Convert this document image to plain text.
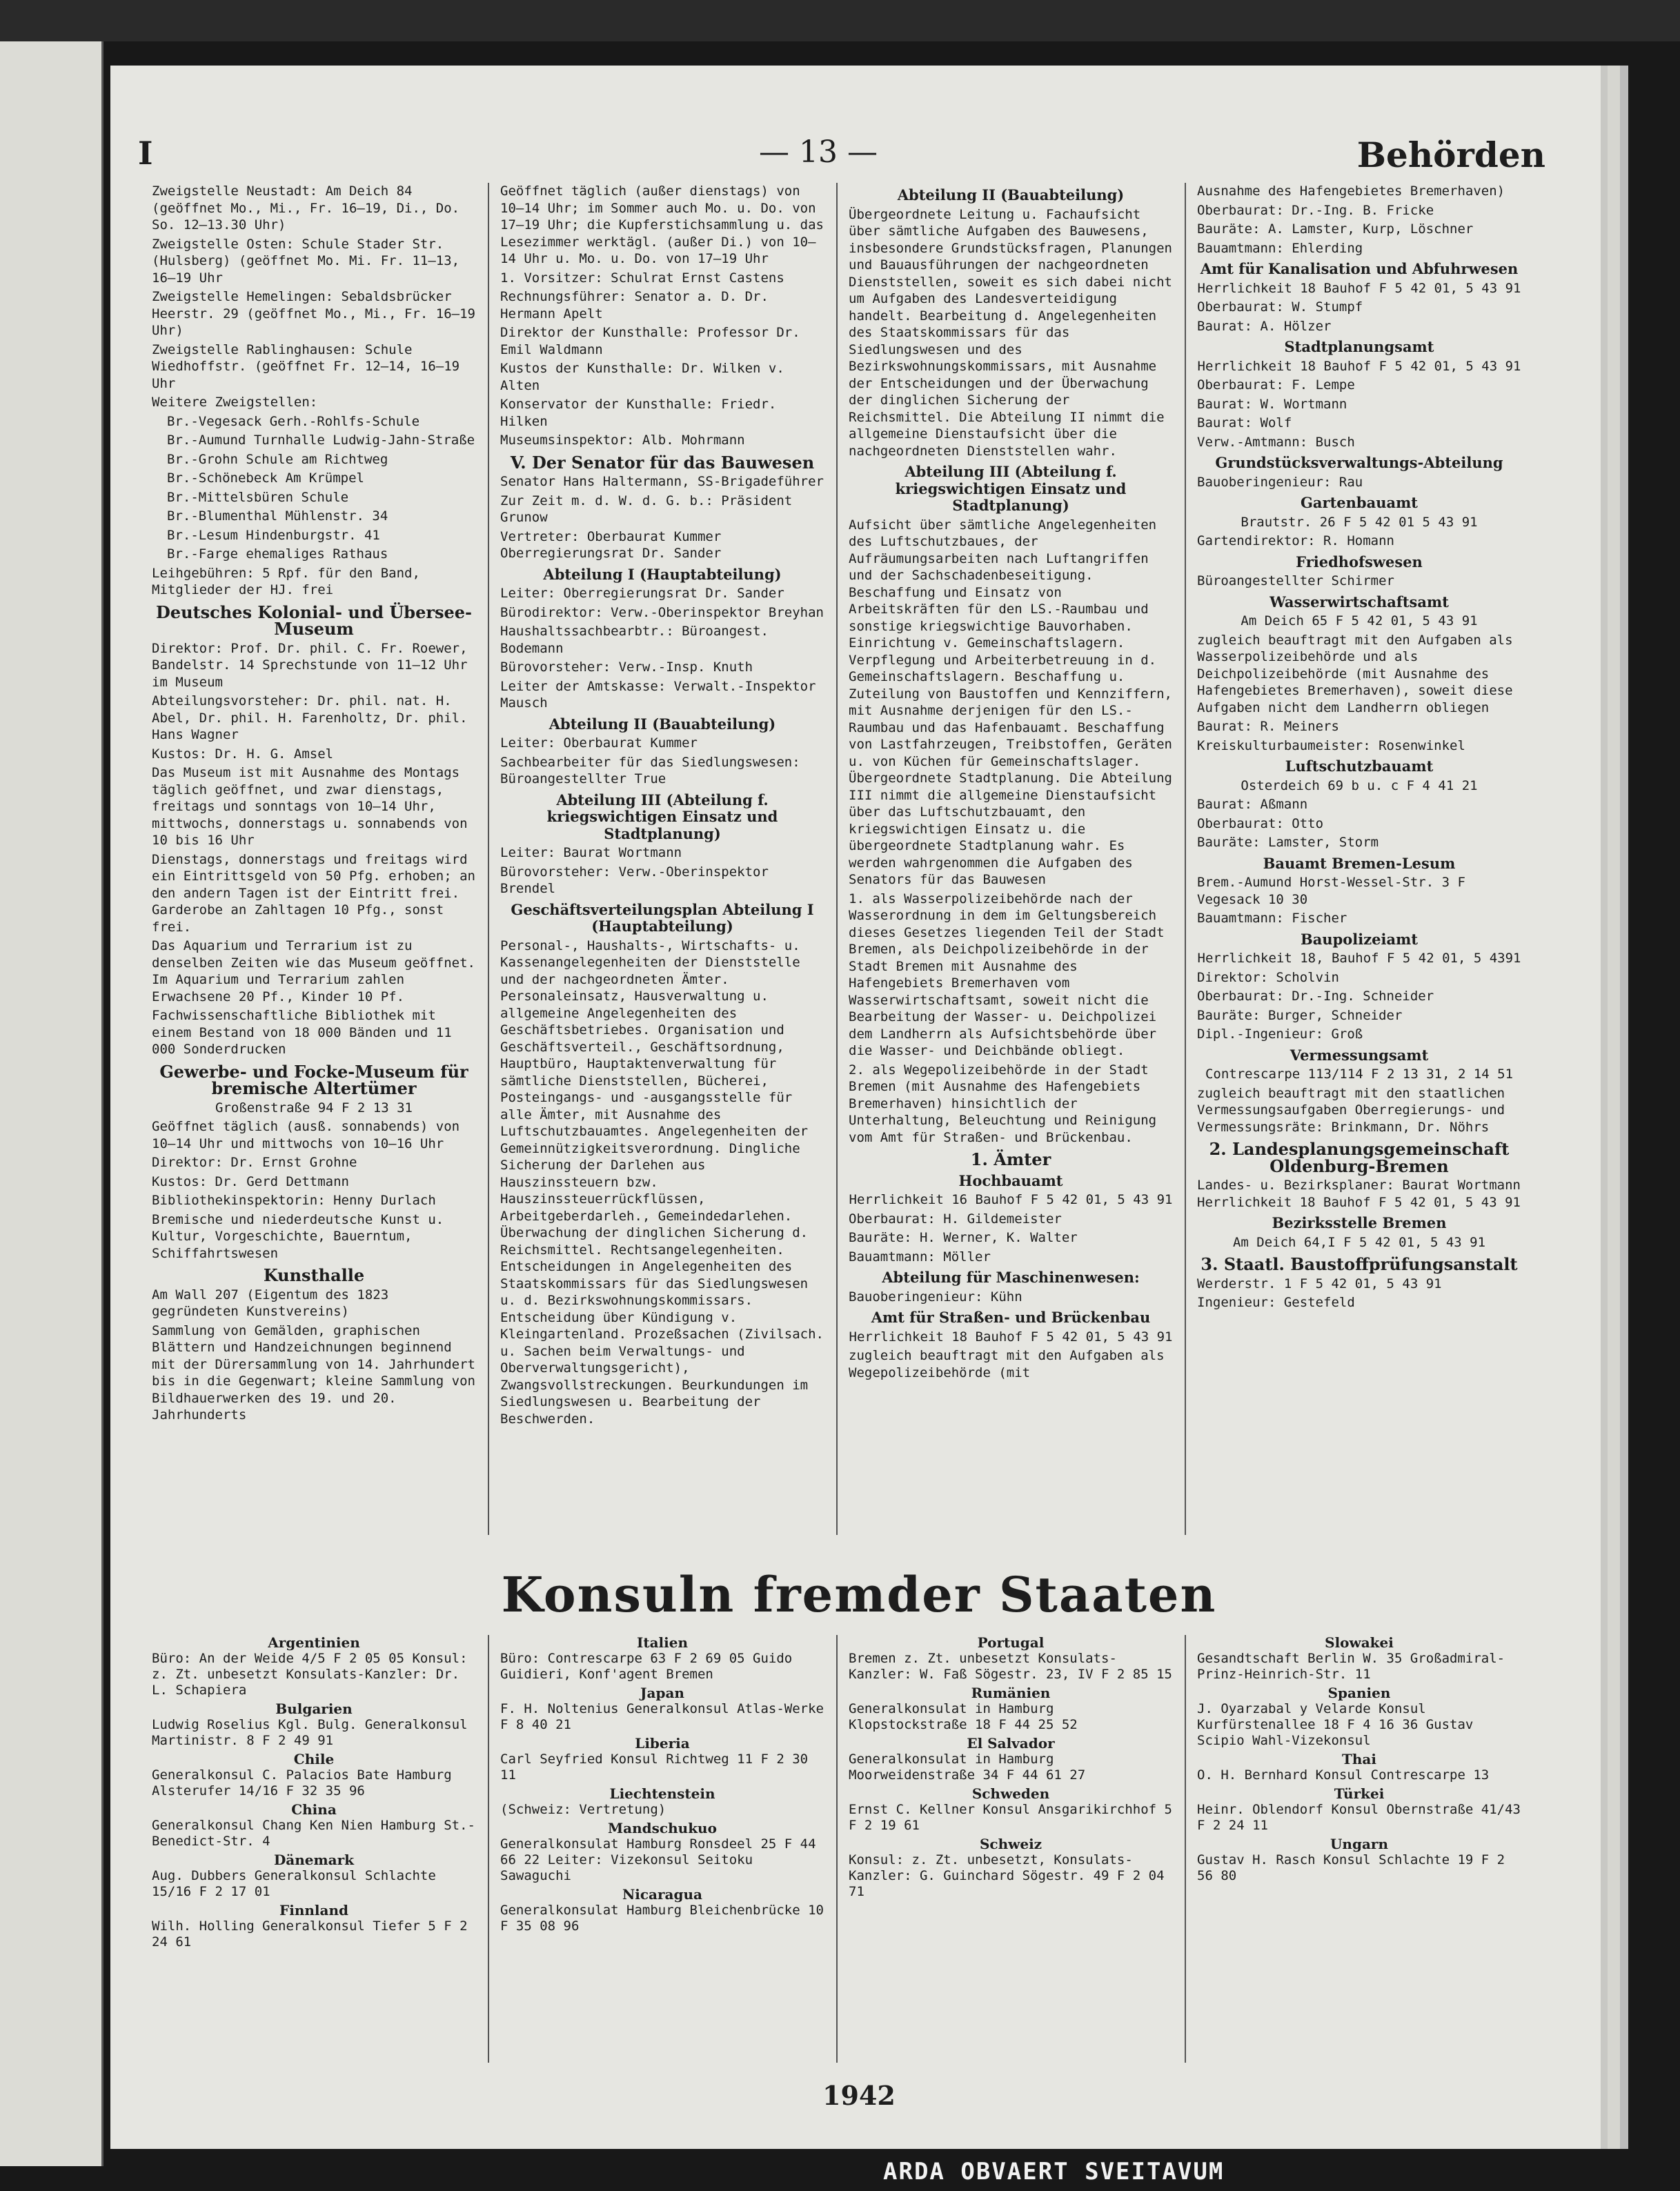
I	— 13 —	Behörden
Zweigstelle Neustadt: Am Deich 84 (geöffnet Mo., Mi., Fr. 16–19, Di., Do. So. 12–13.30 Uhr)
Zweigstelle Osten: Schule Stader Str. (Hulsberg) (geöffnet Mo. Mi. Fr. 11–13, 16–19 Uhr
Zweigstelle Hemelingen: Sebaldsbrücker Heerstr. 29 (geöffnet Mo., Mi., Fr. 16–19 Uhr)
Zweigstelle Rablinghausen: Schule Wiedhoffstr. (geöffnet Fr. 12–14, 16–19 Uhr
Weitere Zweigstellen:
Br.-Vegesack Gerh.-Rohlfs-Schule
Br.-Aumund Turnhalle Ludwig-Jahn-Straße
Br.-Grohn Schule am Richtweg
Br.-Schönebeck Am Krümpel
Br.-Mittelsbüren Schule
Br.-Blumenthal Mühlenstr. 34
Br.-Lesum Hindenburgstr. 41
Br.-Farge ehemaliges Rathaus
Leihgebühren: 5 Rpf. für den Band, Mitglieder der HJ. frei
Deutsches Kolonial- und Übersee-Museum
Direktor: Prof. Dr. phil. C. Fr. Roewer, Bandelstr. 14 Sprechstunde von 11–12 Uhr im Museum
Abteilungsvorsteher: Dr. phil. nat. H. Abel, Dr. phil. H. Farenholtz, Dr. phil. Hans Wagner
Kustos: Dr. H. G. Amsel
Das Museum ist mit Ausnahme des Montags täglich geöffnet, und zwar dienstags, freitags und sonntags von 10–14 Uhr, mittwochs, donnerstags u. sonnabends von 10 bis 16 Uhr
Dienstags, donnerstags und freitags wird ein Eintrittsgeld von 50 Pfg. erhoben; an den andern Tagen ist der Eintritt frei. Garderobe an Zahltagen 10 Pfg., sonst frei.
Das Aquarium und Terrarium ist zu denselben Zeiten wie das Museum geöffnet. Im Aquarium und Terrarium zahlen Erwachsene 20 Pf., Kinder 10 Pf.
Fachwissenschaftliche Bibliothek mit einem Bestand von 18 000 Bänden und 11 000 Sonderdrucken
Gewerbe- und Focke-Museum für bremische Altertümer
Großenstraße 94 F 2 13 31
Geöffnet täglich (ausß. sonnabends) von 10–14 Uhr und mittwochs von 10–16 Uhr
Direktor: Dr. Ernst Grohne
Kustos: Dr. Gerd Dettmann
Bibliothekinspektorin: Henny Durlach
Bremische und niederdeutsche Kunst u. Kultur, Vorgeschichte, Bauerntum, Schiffahrtswesen
Kunsthalle
Am Wall 207 (Eigentum des 1823 gegründeten Kunstvereins)
Sammlung von Gemälden, graphischen Blättern und Handzeichnungen beginnend mit der Dürersammlung von 14. Jahrhundert bis in die Gegenwart; kleine Sammlung von Bildhauerwerken des 19. und 20. Jahrhunderts
Geöffnet täglich (außer dienstags) von 10–14 Uhr; im Sommer auch Mo. u. Do. von 17–19 Uhr; die Kupferstichsammlung u. das Lesezimmer werktägl. (außer Di.) von 10–14 Uhr u. Mo. u. Do. von 17–19 Uhr
1. Vorsitzer: Schulrat Ernst Castens
Rechnungsführer: Senator a. D. Dr. Hermann Apelt
Direktor der Kunsthalle: Professor Dr. Emil Waldmann
Kustos der Kunsthalle: Dr. Wilken v. Alten
Konservator der Kunsthalle: Friedr. Hilken
Museumsinspektor: Alb. Mohrmann
V. Der Senator für das Bauwesen
Senator Hans Haltermann, SS-Brigadeführer
Zur Zeit m. d. W. d. G. b.: Präsident Grunow
Vertreter: Oberbaurat Kummer Oberregierungsrat Dr. Sander
Abteilung I (Hauptabteilung)
Leiter: Oberregierungsrat Dr. Sander
Bürodirektor: Verw.-Oberinspektor Breyhan
Haushaltssachbearbtr.: Büroangest. Bodemann
Bürovorsteher: Verw.-Insp. Knuth
Leiter der Amtskasse: Verwalt.-Inspektor Mausch
Abteilung II (Bauabteilung)
Leiter: Oberbaurat Kummer
Sachbearbeiter für das Siedlungswesen: Büroangestellter True
Abteilung III (Abteilung f. kriegswichtigen Einsatz und Stadtplanung)
Leiter: Baurat Wortmann
Bürovorsteher: Verw.-Oberinspektor Brendel
Geschäftsverteilungsplan Abteilung I (Hauptabteilung)
Personal-, Haushalts-, Wirtschafts- u. Kassenangelegenheiten der Dienststelle und der nachgeordneten Ämter. Personaleinsatz, Hausverwaltung u. allgemeine Angelegenheiten des Geschäftsbetriebes. Organisation und Geschäftsverteil., Geschäftsordnung, Hauptbüro, Hauptaktenverwaltung für sämtliche Dienststellen, Bücherei, Posteingangs- und -ausgangsstelle für alle Ämter, mit Ausnahme des Luftschutzbauamtes. Angelegenheiten der Gemeinnützigkeitsverordnung. Dingliche Sicherung der Darlehen aus Hauszinssteuern bzw. Hauszinssteuerrückflüssen, Arbeitgeberdarleh., Gemeindedarlehen. Überwachung der dinglichen Sicherung d. Reichsmittel. Rechtsangelegenheiten. Entscheidungen in Angelegenheiten des Staatskommissars für das Siedlungswesen u. d. Bezirkswohnungskommissars. Entscheidung über Kündigung v. Kleingartenland. Prozeßsachen (Zivilsach. u. Sachen beim Verwaltungs- und Oberverwaltungsgericht), Zwangsvollstreckungen. Beurkundungen im Siedlungswesen u. Bearbeitung der Beschwerden.
Abteilung II (Bauabteilung)
Übergeordnete Leitung u. Fachaufsicht über sämtliche Aufgaben des Bauwesens, insbesondere Grundstücksfragen, Planungen und Bauausführungen der nachgeordneten Dienststellen, soweit es sich dabei nicht um Aufgaben des Landesverteidigung handelt. Bearbeitung d. Angelegenheiten des Staatskommissars für das Siedlungswesen und des Bezirkswohnungskommissars, mit Ausnahme der Entscheidungen und der Überwachung der dinglichen Sicherung der Reichsmittel. Die Abteilung II nimmt die allgemeine Dienstaufsicht über die nachgeordneten Dienststellen wahr.
Abteilung III (Abteilung f. kriegswichtigen Einsatz und Stadtplanung)
Aufsicht über sämtliche Angelegenheiten des Luftschutzbaues, der Aufräumungsarbeiten nach Luftangriffen und der Sachschadenbeseitigung. Beschaffung und Einsatz von Arbeitskräften für den LS.-Raumbau und sonstige kriegswichtige Bauvorhaben. Einrichtung v. Gemeinschaftslagern. Verpflegung und Arbeiterbetreuung in d. Gemeinschaftslagern. Beschaffung u. Zuteilung von Baustoffen und Kennziffern, mit Ausnahme derjenigen für den LS.-Raumbau und das Hafenbauamt. Beschaffung von Lastfahrzeugen, Treibstoffen, Geräten u. von Küchen für Gemeinschaftslager. Übergeordnete Stadtplanung. Die Abteilung III nimmt die allgemeine Dienstaufsicht über das Luftschutzbauamt, den kriegswichtigen Einsatz u. die übergeordnete Stadtplanung wahr. Es werden wahrgenommen die Aufgaben des Senators für das Bauwesen
1. als Wasserpolizeibehörde nach der Wasserordnung in dem im Geltungsbereich dieses Gesetzes liegenden Teil der Stadt Bremen, als Deichpolizeibehörde in der Stadt Bremen mit Ausnahme des Hafengebiets Bremerhaven vom Wasserwirtschaftsamt, soweit nicht die Bearbeitung der Wasser- u. Deichpolizei dem Landherrn als Aufsichtsbehörde über die Wasser- und Deichbände obliegt.
2. als Wegepolizeibehörde in der Stadt Bremen (mit Ausnahme des Hafengebiets Bremerhaven) hinsichtlich der Unterhaltung, Beleuchtung und Reinigung vom Amt für Straßen- und Brückenbau.
1. Ämter
Hochbauamt
Herrlichkeit 16 Bauhof F 5 42 01, 5 43 91
Oberbaurat: H. Gildemeister
Bauräte: H. Werner, K. Walter
Bauamtmann: Möller
Abteilung für Maschinenwesen:
Bauoberingenieur: Kühn
Amt für Straßen- und Brückenbau
Herrlichkeit 18 Bauhof F 5 42 01, 5 43 91
zugleich beauftragt mit den Aufgaben als Wegepolizeibehörde (mit
Ausnahme des Hafengebietes Bremerhaven)
Oberbaurat: Dr.-Ing. B. Fricke
Bauräte: A. Lamster, Kurp, Löschner
Bauamtmann: Ehlerding
Amt für Kanalisation und Abfuhrwesen
Herrlichkeit 18 Bauhof F 5 42 01, 5 43 91
Oberbaurat: W. Stumpf
Baurat: A. Hölzer
Stadtplanungsamt
Herrlichkeit 18 Bauhof F 5 42 01, 5 43 91
Oberbaurat: F. Lempe
Baurat: W. Wortmann
Baurat: Wolf
Verw.-Amtmann: Busch
Grundstücksverwaltungs-Abteilung
Bauoberingenieur: Rau
Gartenbauamt
Brautstr. 26 F 5 42 01 5 43 91
Gartendirektor: R. Homann
Friedhofswesen
Büroangestellter Schirmer
Wasserwirtschaftsamt
Am Deich 65 F 5 42 01, 5 43 91
zugleich beauftragt mit den Aufgaben als Wasserpolizeibehörde und als Deichpolizeibehörde (mit Ausnahme des Hafengebietes Bremerhaven), soweit diese Aufgaben nicht dem Landherrn obliegen
Baurat: R. Meiners
Kreiskulturbaumeister: Rosenwinkel
Luftschutzbauamt
Osterdeich 69 b u. c F 4 41 21
Baurat: Aßmann
Oberbaurat: Otto
Bauräte: Lamster, Storm
Bauamt Bremen-Lesum
Brem.-Aumund Horst-Wessel-Str. 3 F Vegesack 10 30
Bauamtmann: Fischer
Baupolizeiamt
Herrlichkeit 18, Bauhof F 5 42 01, 5 4391
Direktor: Scholvin
Oberbaurat: Dr.-Ing. Schneider
Bauräte: Burger, Schneider
Dipl.-Ingenieur: Groß
Vermessungsamt
Contrescarpe 113/114 F 2 13 31, 2 14 51
zugleich beauftragt mit den staatlichen Vermessungsaufgaben Oberregierungs- und Vermessungsräte: Brinkmann, Dr. Nöhrs
2. Landesplanungsgemeinschaft Oldenburg-Bremen
Landes- u. Bezirksplaner: Baurat Wortmann Herrlichkeit 18 Bauhof F 5 42 01, 5 43 91
Bezirksstelle Bremen
Am Deich 64,I F 5 42 01, 5 43 91
3. Staatl. Baustoffprüfungsanstalt
Werderstr. 1 F 5 42 01, 5 43 91
Ingenieur: Gestefeld
Konsuln fremder Staaten
Argentinien
Büro: An der Weide 4/5 F 2 05 05 Konsul: z. Zt. unbesetzt Konsulats-Kanzler: Dr. L. Schapiera
Bulgarien
Ludwig Roselius Kgl. Bulg. Generalkonsul Martinistr. 8 F 2 49 91
Chile
Generalkonsul C. Palacios Bate Hamburg Alsterufer 14/16 F 32 35 96
China
Generalkonsul Chang Ken Nien Hamburg St.-Benedict-Str. 4
Dänemark
Aug. Dubbers Generalkonsul Schlachte 15/16 F 2 17 01
Finnland
Wilh. Holling Generalkonsul Tiefer 5 F 2 24 61
Italien
Büro: Contrescarpe 63 F 2 69 05 Guido Guidieri, Konf'agent Bremen
Japan
F. H. Noltenius Generalkonsul Atlas-Werke F 8 40 21
Liberia
Carl Seyfried Konsul Richtweg 11 F 2 30 11
Liechtenstein
(Schweiz: Vertretung)
Mandschukuo
Generalkonsulat Hamburg Ronsdeel 25 F 44 66 22 Leiter: Vizekonsul Seitoku Sawaguchi
Nicaragua
Generalkonsulat Hamburg Bleichenbrücke 10 F 35 08 96
Portugal
Bremen z. Zt. unbesetzt Konsulats-Kanzler: W. Faß Sögestr. 23, IV F 2 85 15
Rumänien
Generalkonsulat in Hamburg Klopstockstraße 18 F 44 25 52
El Salvador
Generalkonsulat in Hamburg Moorweidenstraße 34 F 44 61 27
Schweden
Ernst C. Kellner Konsul Ansgarikirchhof 5 F 2 19 61
Schweiz
Konsul: z. Zt. unbesetzt, Konsulats-Kanzler: G. Guinchard Sögestr. 49 F 2 04 71
Slowakei
Gesandtschaft Berlin W. 35 Großadmiral-Prinz-Heinrich-Str. 11
Spanien
J. Oyarzabal y Velarde Konsul Kurfürstenallee 18 F 4 16 36 Gustav Scipio Wahl-Vizekonsul
Thai
O. H. Bernhard Konsul Contrescarpe 13
Türkei
Heinr. Oblendorf Konsul Obernstraße 41/43 F 2 24 11
Ungarn
Gustav H. Rasch Konsul Schlachte 19 F 2 56 80
1942
ARDA OBVAERT SVEITAVUM
